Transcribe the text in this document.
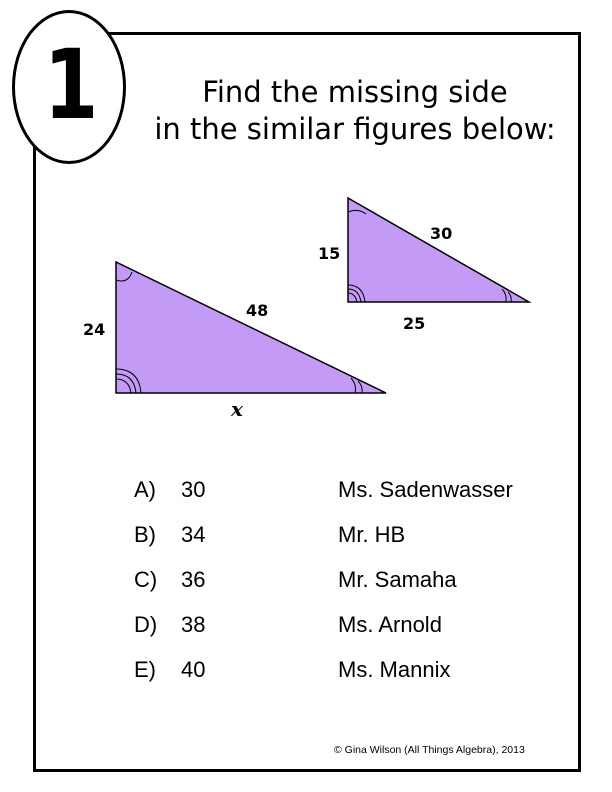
1	Find the missing side
in the similar figures below:
15
30
25
24
48
x
A) 30	Ms. Sadenwasser
B) 34	Mr. HB
C) 36	Mr. Samaha
D) 38	Ms. Arnold
E) 40	Ms. Mannix
© Gina Wilson (All Things Algebra), 2013
